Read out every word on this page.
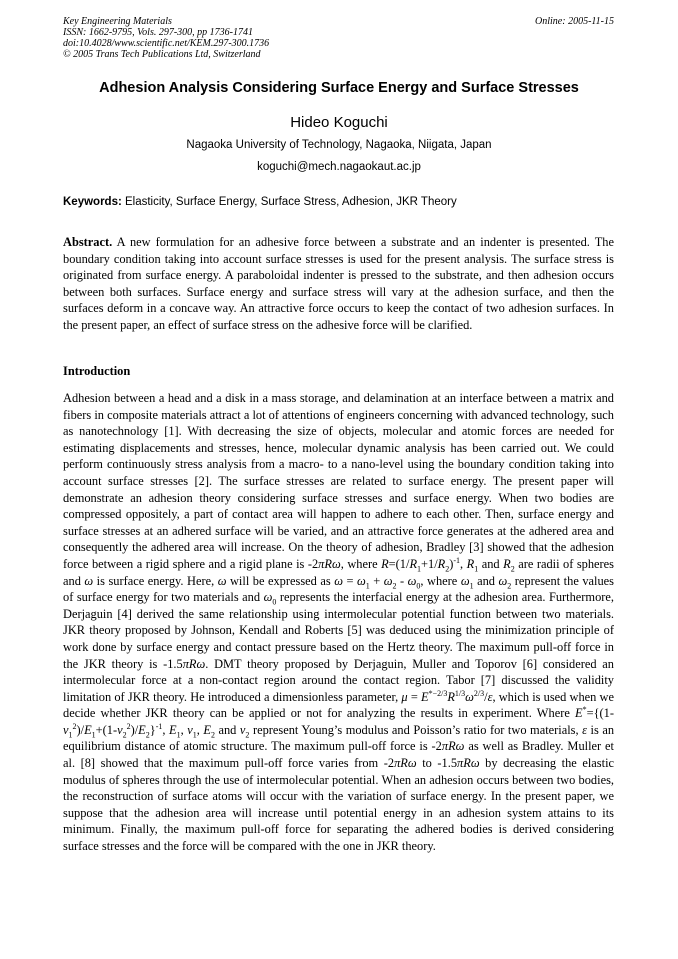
Key Engineering Materials
ISSN: 1662-9795, Vols. 297-300, pp 1736-1741
doi:10.4028/www.scientific.net/KEM.297-300.1736
© 2005 Trans Tech Publications Ltd, Switzerland
Online: 2005-11-15
Adhesion Analysis Considering Surface Energy and Surface Stresses
Hideo Koguchi
Nagaoka University of Technology, Nagaoka, Niigata, Japan
koguchi@mech.nagaokaut.ac.jp
Keywords: Elasticity, Surface Energy, Surface Stress, Adhesion, JKR Theory
Abstract. A new formulation for an adhesive force between a substrate and an indenter is presented. The boundary condition taking into account surface stresses is used for the present analysis. The surface stress is originated from surface energy. A paraboloidal indenter is pressed to the substrate, and then adhesion occurs between both surfaces. Surface energy and surface stress will vary at the adhesion surface, and then the surfaces deform in a concave way. An attractive force occurs to keep the contact of two adhesion surfaces. In the present paper, an effect of surface stress on the adhesive force will be clarified.
Introduction
Adhesion between a head and a disk in a mass storage, and delamination at an interface between a matrix and fibers in composite materials attract a lot of attentions of engineers concerning with advanced technology, such as nanotechnology [1]. With decreasing the size of objects, molecular and atomic forces are needed for estimating displacements and stresses, hence, molecular dynamic analysis has been carried out. We could perform continuously stress analysis from a macro- to a nano-level using the boundary condition taking into account surface stresses [2]. The surface stresses are related to surface energy. The present paper will demonstrate an adhesion theory considering surface stresses and surface energy. When two bodies are compressed oppositely, a part of contact area will happen to adhere to each other. Then, surface energy and surface stresses at an adhered surface will be varied, and an attractive force generates at the adhered area and consequently the adhered area will increase. On the theory of adhesion, Bradley [3] showed that the adhesion force between a rigid sphere and a rigid plane is -2πRω, where $R=(1/R_1+1/R_2)^{-1}$, $R_1$ and $R_2$ are radii of spheres and ω is surface energy. Here, ω will be expressed as $\omega = \omega_1 + \omega_2 - \omega_0$, where $\omega_1$ and $\omega_2$ represent the values of surface energy for two materials and $\omega_0$ represents the interfacial energy at the adhesion area. Furthermore, Derjaguin [4] derived the same relationship using intermolecular potential function between two materials. JKR theory proposed by Johnson, Kendall and Roberts [5] was deduced using the minimization principle of work done by surface energy and contact pressure based on the Hertz theory. The maximum pull-off force in the JKR theory is -1.5πRω. DMT theory proposed by Derjaguin, Muller and Toporov [6] considered an intermolecular force at a non-contact region around the contact region. Tabor [7] discussed the validity limitation of JKR theory. He introduced a dimensionless parameter, $\mu = E^{*-2/3}R^{1/3}\omega^{2/3}/\varepsilon$, which is used when we decide whether JKR theory can be applied or not for analyzing the results in experiment. Where $E^*=\{(1-\nu_1^2)/E_1+(1-\nu_2^2)/E_2\}^{-1}$, $E_1$, $\nu_1$, $E_2$ and $\nu_2$ represent Young’s modulus and Poisson’s ratio for two materials, ε is an equilibrium distance of atomic structure. The maximum pull-off force is -2πRω as well as Bradley. Muller et al. [8] showed that the maximum pull-off force varies from -2πRω to -1.5πRω by decreasing the elastic modulus of spheres through the use of intermolecular potential. When an adhesion occurs between two bodies, the reconstruction of surface atoms will occur with the variation of surface energy. In the present paper, we suppose that the adhesion area will increase until potential energy in an adhesion system attains to its minimum. Finally, the maximum pull-off force for separating the adhered bodies is derived considering surface stresses and the force will be compared with the one in JKR theory.
